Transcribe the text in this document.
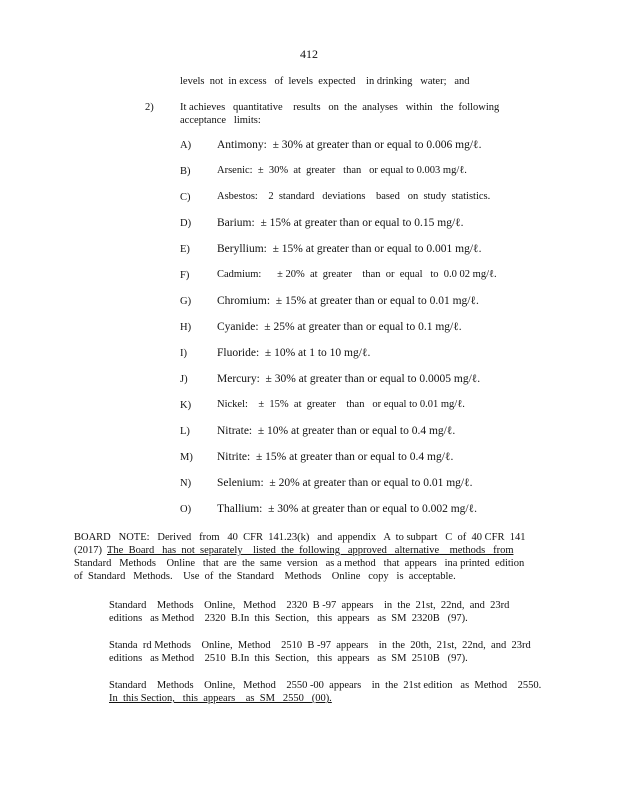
412
levels  not  in excess   of  levels  expected    in drinking   water;   and
2)	It achieves   quantitative    results   on  the  analyses   within   the  following
acceptance   limits:
A) Antimony:  ± 30% at greater than or equal to 0.006 mg/ℓ.
B)	Arsenic:  ±  30%  at  greater   than   or equal to 0.003 mg/ℓ.
C)	Asbestos:    2  standard   deviations    based   on  study  statistics.
D) Barium:  ± 15% at greater than or equal to 0.15 mg/ℓ.
E) Beryllium:  ± 15% at greater than or equal to 0.001 mg/ℓ.
F)	Cadmium:      ± 20%  at  greater    than  or  equal   to  0.0 02 mg/ℓ.
G) Chromium:  ± 15% at greater than or equal to 0.01 mg/ℓ.
H) Cyanide:  ± 25% at greater than or equal to 0.1 mg/ℓ.
I)	Fluoride:  ± 10% at 1 to 10 mg/ℓ.
J)	Mercury:  ± 30% at greater than or equal to 0.0005 mg/ℓ.
K) Nickel:    ±  15%  at  greater    than   or equal to 0.01 mg/ℓ.
L) Nitrate:  ± 10% at greater than or equal to 0.4 mg/ℓ.
M) Nitrite:  ± 15% at greater than or equal to 0.4 mg/ℓ.
N) Selenium:  ± 20% at greater than or equal to 0.01 mg/ℓ.
O) Thallium:  ± 30% at greater than or equal to 0.002 mg/ℓ.
BOARD   NOTE:   Derived   from   40  CFR  141.23(k)   and  appendix   A  to subpart   C  of  40 CFR  141
(2017)  .
The  Board   has  not  separately    listed  the  following   approved   alternative    methods   from
Standard   Methods    Online   that  are  the  same  version   as a method   that  appears   ina printed  edition
of  Standard   Methods.    Use  of  the  Standard    Methods    Online   copy   is  acceptable.
Standard    Methods    Online,   Method    2320  B -97  appears    in  the  21st,  22nd,  and  23rd
editions   as Method    2320  B.In  this  Section,   this  appears   as  SM  2320B   (97).
Standa  rd Methods    Online,  Method    2510  B -97  appears    in  the  20th,  21st,  22nd,  and  23rd
editions   as Method    2510  B.In  this  Section,   this  appears   as  SM  2510B   (97).
Standard    Methods    Online,   Method    2550 -00  appears    in  the  21st edition   as  Method    2550.
In  this Section,   this  appears    as  SM   2550   (00).
